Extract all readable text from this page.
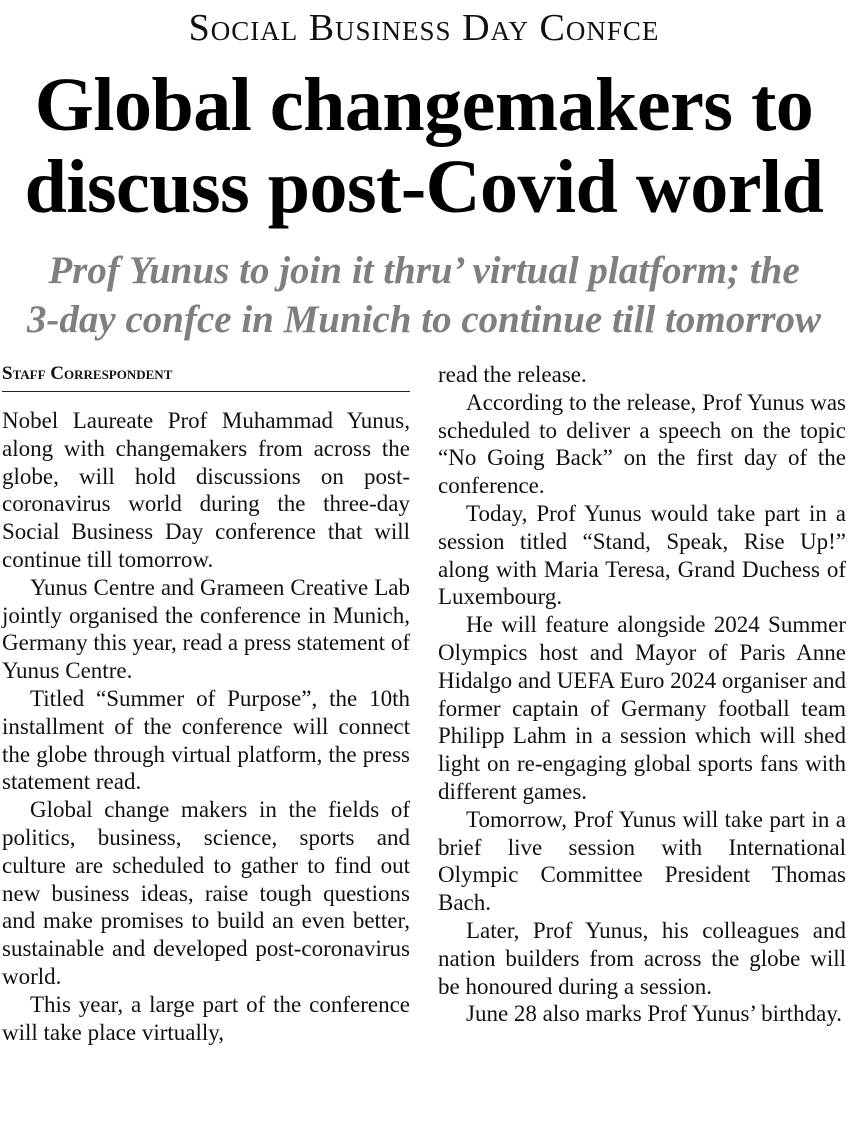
Social Business Day Confce
Global changemakers to
discuss post-Covid world
Prof Yunus to join it thru’ virtual platform; the
3-day confce in Munich to continue till tomorrow
Staff Correspondent

Nobel Laureate Prof Muhammad Yunus, along with changemakers from across the globe, will hold discussions on post-coronavirus world during the three-day Social Business Day conference that will continue till tomorrow.

Yunus Centre and Grameen Creative Lab jointly organised the conference in Munich, Germany this year, read a press statement of Yunus Centre.

Titled “Summer of Purpose”, the 10th installment of the conference will connect the globe through virtual platform, the press statement read.

Global change makers in the fields of politics, business, science, sports and culture are scheduled to gather to find out new business ideas, raise tough questions and make promises to build an even better, sustainable and developed post-coronavirus world.

This year, a large part of the conference will take place virtually,

read the release.

According to the release, Prof Yunus was scheduled to deliver a speech on the topic “No Going Back” on the first day of the conference.

Today, Prof Yunus would take part in a session titled “Stand, Speak, Rise Up!” along with Maria Teresa, Grand Duchess of Luxembourg.

He will feature alongside 2024 Summer Olympics host and Mayor of Paris Anne Hidalgo and UEFA Euro 2024 organiser and former captain of Germany football team Philipp Lahm in a session which will shed light on re-engaging global sports fans with different games.

Tomorrow, Prof Yunus will take part in a brief live session with International Olympic Committee President Thomas Bach.

Later, Prof Yunus, his colleagues and nation builders from across the globe will be honoured during a session.

June 28 also marks Prof Yunus’ birthday.
